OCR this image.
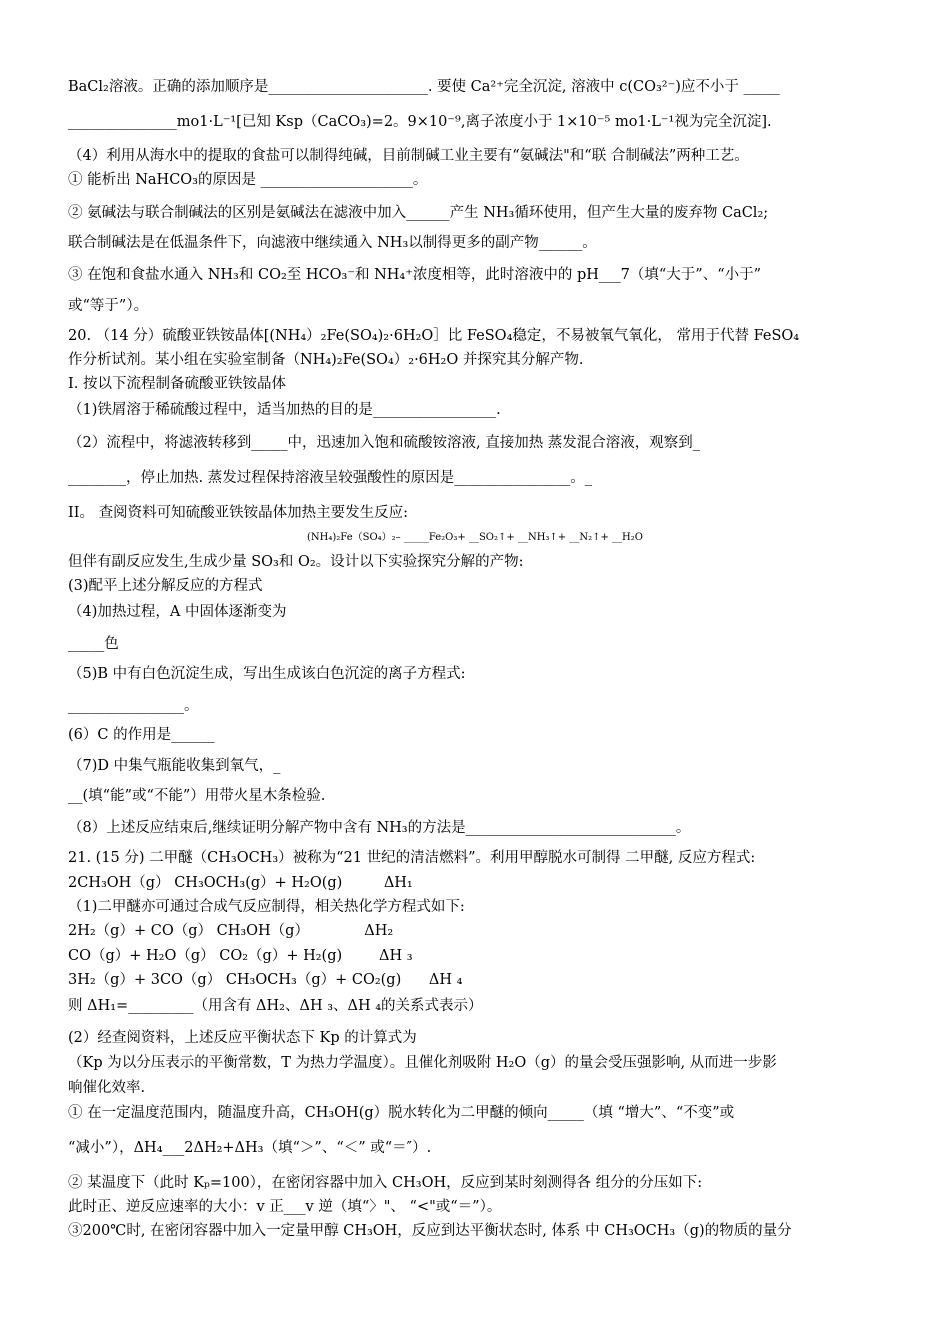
BaCl₂溶液。正确的添加顺序是______________________. 要使 Ca²⁺完全沉淀, 溶液中 c(CO₃²⁻)应不小于 _____
_______________mo1·L⁻¹[已知 Ksp（CaCO₃)=2。9×10⁻⁹,离子浓度小于 1×10⁻⁵ mo1·L⁻¹视为完全沉淀].
（4）利用从海水中的提取的食盐可以制得纯碱，目前制碱工业主要有“氨碱法"和“联 合制碱法”两种工艺。
① 能析出 NaHCO₃的原因是 _____________________。
② 氨碱法与联合制碱法的区别是氨碱法在滤液中加入______产生 NH₃循环使用，但产生大量的废弃物 CaCl₂;
联合制碱法是在低温条件下，向滤液中继续通入 NH₃以制得更多的副产物______。
③ 在饱和食盐水通入 NH₃和 CO₂至 HCO₃⁻和 NH₄⁺浓度相等，此时溶液中的 pH___7（填“大于”、“小于”
或“等于”）。
20. （14 分）硫酸亚铁铵晶体[(NH₄）₂Fe(SO₄)₂·6H₂O］比 FeSO₄稳定，不易被氧气氧化， 常用于代替 FeSO₄
作分析试剂。某小组在实验室制备（NH₄)₂Fe(SO₄）₂·6H₂O 并探究其分解产物.
Ⅰ. 按以下流程制备硫酸亚铁铵晶体
（1)铁屑溶于稀硫酸过程中，适当加热的目的是_________________.
（2）流程中，将滤液转移到_____中，迅速加入饱和硫酸铵溶液, 直接加热 蒸发混合溶液，观察到_
________，停止加热. 蒸发过程保持溶液呈较强酸性的原因是________________。_
II。 查阅资料可知硫酸亚铁铵晶体加热主要发生反应:
(NH₄)₂Fe（SO₄）₂– _____Fe₂O₃+ __SO₂↑+ __NH₃↑+ __N₂↑+ __H₂O
但伴有副反应发生,生成少量 SO₃和 O₂。设计以下实验探究分解的产物:
(3)配平上述分解反应的方程式
（4)加热过程，A 中固体逐渐变为
_____色
（5)B 中有白色沉淀生成，写出生成该白色沉淀的离子方程式:
________________。
(6）C 的作用是______
（7)D 中集气瓶能收集到氧气，_
__(填“能”或“不能”）用带火星木条检验.
（8）上述反应结束后,继续证明分解产物中含有 NH₃的方法是_____________________________。
21. (15 分) 二甲醚（CH₃OCH₃）被称为“21 世纪的清洁燃料”。利用甲醇脱水可制得 二甲醚, 反应方程式:
2CH₃OH（g） CH₃OCH₃(g）+ H₂O(g)         ΔH₁
（1)二甲醚亦可通过合成气反应制得，相关热化学方程式如下:
2H₂（g）+ CO（g） CH₃OH（g）            ΔH₂
CO（g）+ H₂O（g） CO₂（g）+ H₂(g)        ΔH ₃
3H₂（g）+ 3CO（g） CH₃OCH₃（g）+ CO₂(g)      ΔH ₄
则 ΔH₁=_________（用含有 ΔH₂、ΔH ₃、ΔH ₄的关系式表示）
(2）经查阅资料，上述反应平衡状态下 Kp 的计算式为
（Kp 为以分压表示的平衡常数，T 为热力学温度）。且催化剂吸附 H₂O（g）的量会受压强影响, 从而进一步影
响催化效率.
① 在一定温度范围内，随温度升高，CH₃OH(g）脱水转化为二甲醚的倾向_____（填 “增大”、“不变”或
“减小”），ΔH₄___2ΔH₂+ΔH₃（填“＞”、“＜” 或“＝″）.
② 某温度下（此时 Kₚ=100），在密闭容器中加入 CH₃OH，反应到某时刻测得各 组分的分压如下:
此时正、逆反应速率的大小：v 正___v 逆（填“〉"、 “<"或“＝”）。
③200℃时, 在密闭容器中加入一定量甲醇 CH₃OH，反应到达平衡状态时, 体系 中 CH₃OCH₃（g)的物质的量分
